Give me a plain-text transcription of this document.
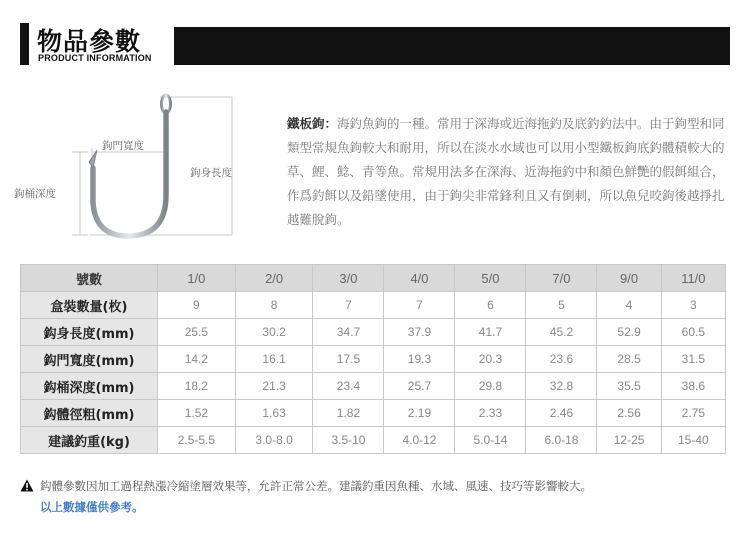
物品參數
PRODUCT INFORMATION
鉤門寬度
鉤身長度
鉤桶深度
鐵板鉤：海釣魚鉤的一種。常用于深海或近海拖釣及底釣釣法中。由于鉤型和同類型常規魚鉤較大和耐用，所以在淡水水域也可以用小型鐵板鉤底釣體積較大的草、鯉、鯰、青等魚。常規用法多在深海、近海拖釣中和顏色鮮艷的假餌組合，作爲釣餌以及鉛墜使用，由于鉤尖非常鋒利且又有倒刺，所以魚兒咬鉤後越掙扎越難脫鉤。
號數	1/0	2/0	3/0	4/0	5/0	7/0	9/0	11/0
盒裝數量(枚)	9	8	7	7	6	5	4	3
鈎身長度(mm)	25.5	30.2	34.7	37.9	41.7	45.2	52.9	60.5
鈎門寬度(mm)	14.2	16.1	17.5	19.3	20.3	23.6	28.5	31.5
鈎桶深度(mm)	18.2	21.3	23.4	25.7	29.8	32.8	35.5	38.6
鈎體徑粗(mm)	1.52	1.63	1.82	2.19	2.33	2.46	2.56	2.75
建議釣重(kg)	2.5-5.5	3.0-8.0	3.5-10	4.0-12	5.0-14	6.0-18	12-25	15-40
鈎體參數因加工過程熱漲冷縮塗層效果等，允許正常公差。建議釣重因魚種、水域、風速、技巧等影響較大。
以上數據僅供參考。
